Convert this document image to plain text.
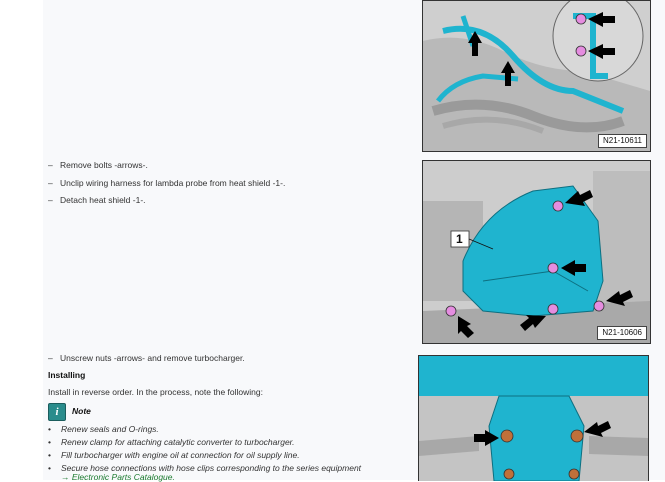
N21-10611
– Remove bolts -arrows-.
– Unclip wiring harness for lambda probe from heat shield -1-.
– Detach heat shield -1-.
1
N21-10606
– Unscrew nuts -arrows- and remove turbocharger.
Installing
Install in reverse order. In the process, note the following:
i	Note
• Renew seals and O-rings.
• Renew clamp for attaching catalytic converter to turbocharger.
• Fill turbocharger with engine oil at connection for oil supply line.
• Secure hose connections with hose clips corresponding to the series equipment
→ Electronic Parts Catalogue.
